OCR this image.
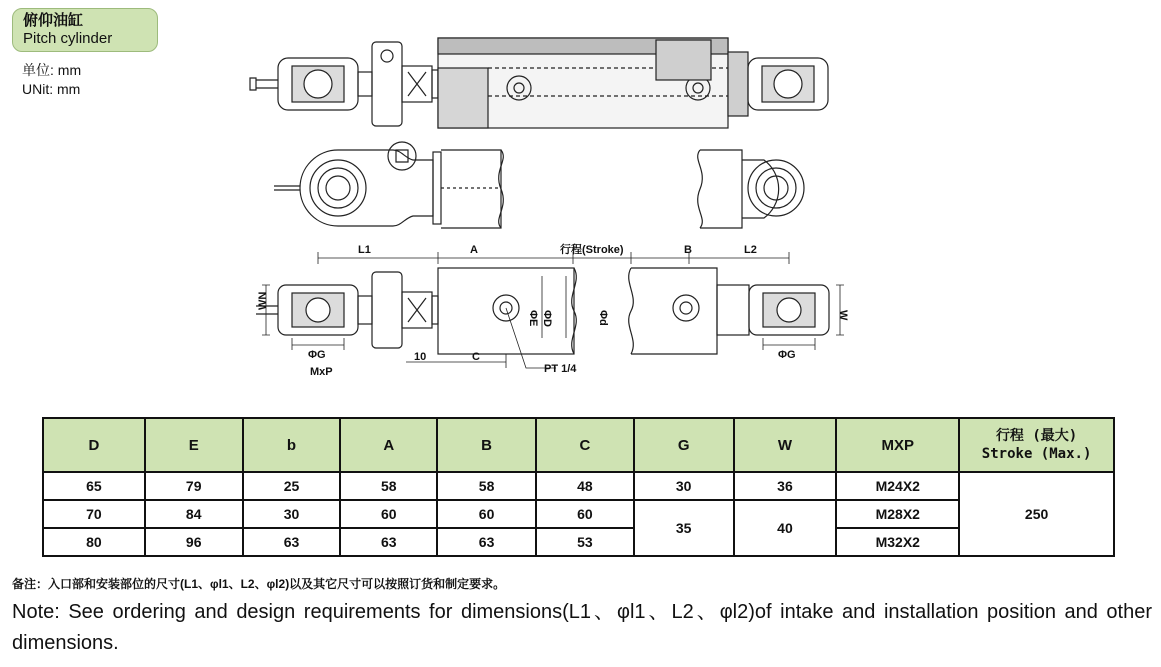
俯仰油缸
Pitch cylinder
单位: mm
UNit: mm
L1	A	行程(Stroke)	B	L2
WN
ΦG
MxP
10	C
PT 1/4
ΦE ΦD	Φd	W
ΦG
D	E	b	A	B	C	G	W	MXP	行程 (最大)
Stroke (Max.)

65	79	25	58	58	48	30	36	M24X2	250
70	84	30	60	60	60	35	40	M28X2	
80	96	63	63	63	53			M32X2	
备注：入口部和安装部位的尺寸(L1、φl1、L2、φl2)以及其它尺寸可以按照订货和制定要求。
Note: See ordering and design requirements for dimensions(L1、φl1、L2、φl2)of intake and installation position and other dimensions.
